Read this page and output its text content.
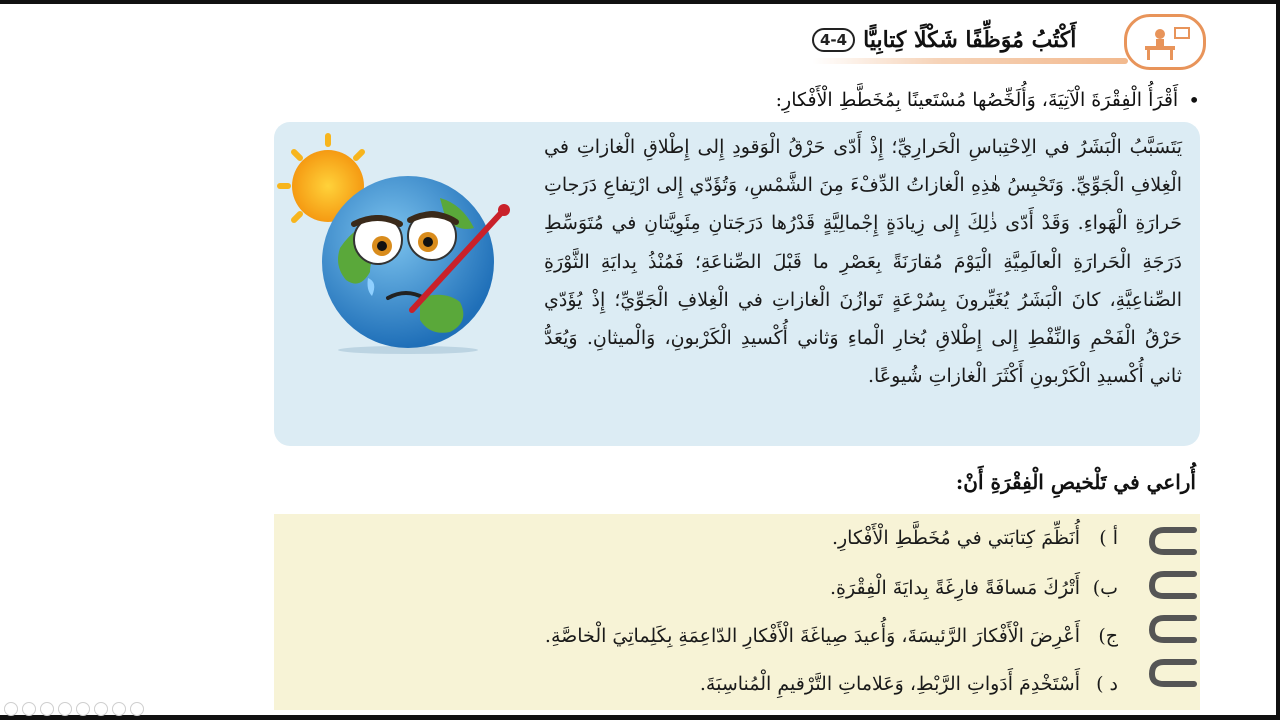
4-4 أَكْتُبُ مُوَظِّفًا شَكْلًا كِتابِيًّا
•
أَقْرَأُ الْفِقْرَةَ الْآتِيَةَ، وَأُلَخِّصُها مُسْتَعينًا بِمُخَطَّطِ الْأَفْكارِ:
يَتَسَبَّبُ الْبَشَرُ في الِاحْتِباسِ الْحَرارِيِّ؛ إِذْ أَدّى حَرْقُ الْوَقودِ إِلى إِطْلاقِ الْغازاتِ في الْغِلافِ الْجَوِّيِّ. وَتَحْبِسُ هٰذِهِ الْغازاتُ الدِّفْءَ مِنَ الشَّمْسِ، وَتُؤَدّي إِلى ارْتِفاعِ دَرَجاتِ حَرارَةِ الْهَواءِ. وَقَدْ أَدّى ذٰلِكَ إِلى زِيادَةٍ إِجْمالِيَّةٍ قَدْرُها دَرَجَتانِ مِئَوِيَّتانِ في مُتَوَسِّطِ دَرَجَةِ الْحَرارَةِ الْعالَمِيَّةِ الْيَوْمَ مُقارَنَةً بِعَصْرِ ما قَبْلَ الصِّناعَةِ؛ فَمُنْذُ بِدايَةِ الثَّوْرَةِ الصِّناعِيَّةِ، كانَ الْبَشَرُ يُغَيِّرونَ بِسُرْعَةٍ تَوازُنَ الْغازاتِ في الْغِلافِ الْجَوِّيِّ؛ إِذْ يُؤَدّي حَرْقُ الْفَحْمِ وَالنِّفْطِ إِلى إِطْلاقِ بُخارِ الْماءِ وَثاني أُكْسيدِ الْكَرْبونِ، وَالْميثانِ. وَيُعَدُّ ثاني أُكْسيدِ الْكَرْبونِ أَكْثَرَ الْغازاتِ شُيوعًا.
أُراعي في تَلْخيصِ الْفِقْرَةِ أَنْ:
أ )
أُنَظِّمَ كِتابَتي في مُخَطَّطِ الْأَفْكارِ.
ب)
أَتْرُكَ مَسافَةً فارِغَةً بِدايَةَ الْفِقْرَةِ.
ج)
أَعْرِضَ الْأَفْكارَ الرَّئيسَةَ، وَأُعيدَ صِياغَةَ الْأَفْكارِ الدّاعِمَةِ بِكَلِماتِيَ الْخاصَّةِ.
د )
أَسْتَخْدِمَ أَدَواتِ الرَّبْطِ، وَعَلاماتِ التَّرْقيمِ الْمُناسِبَةَ.
